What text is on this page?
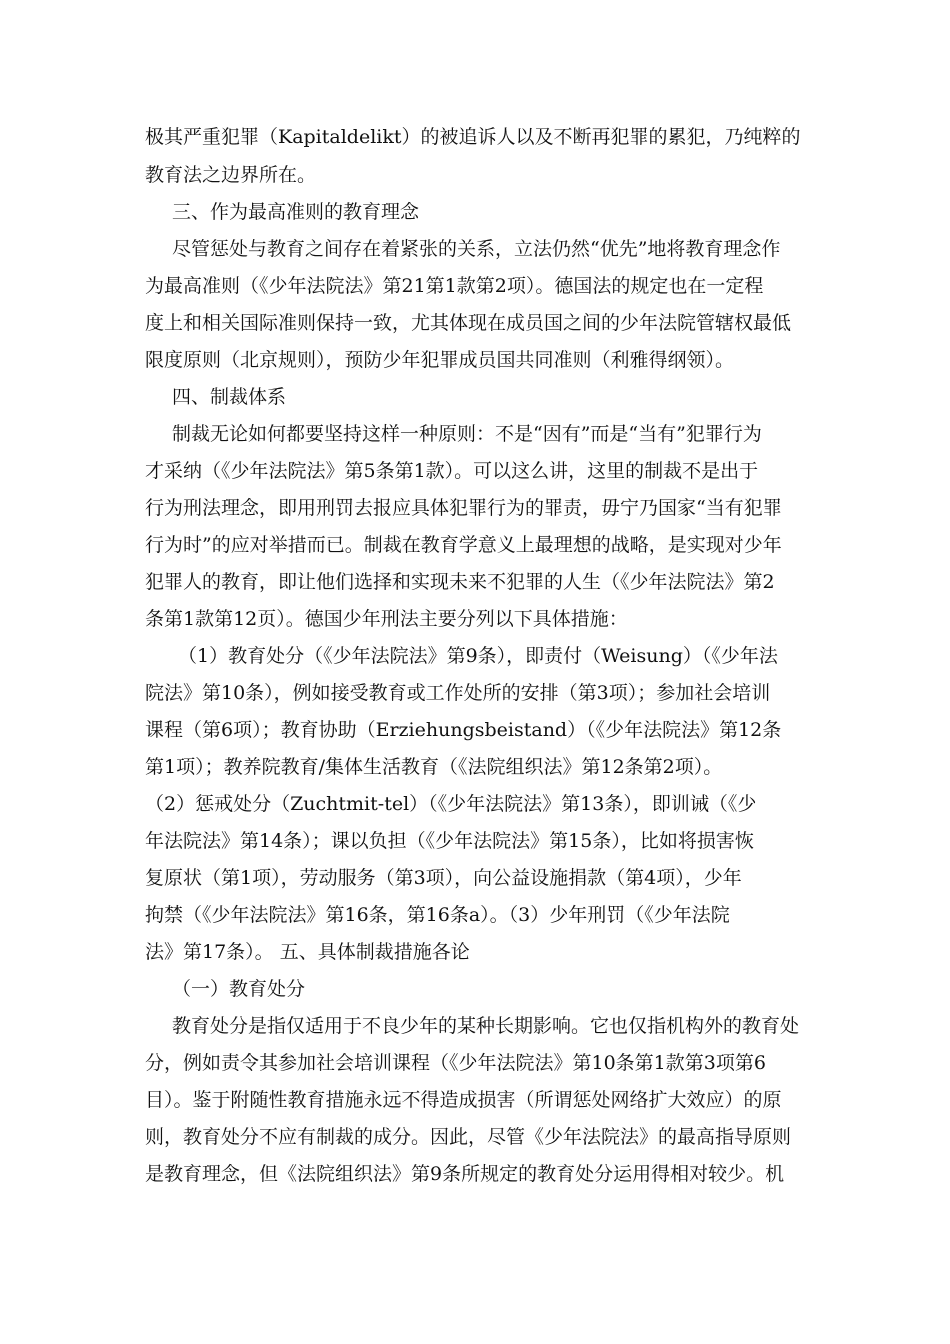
极其严重犯罪（Kapitaldelikt）的被追诉人以及不断再犯罪的累犯，乃纯粹的
教育法之边界所在。
三、作为最高准则的教育理念
尽管惩处与教育之间存在着紧张的关系，立法仍然“优先”地将教育理念作
为最高准则（《少年法院法》第21第1款第2项）。德国法的规定也在一定程
度上和相关国际准则保持一致，尤其体现在成员国之间的少年法院管辖权最低
限度原则（北京规则），预防少年犯罪成员国共同准则（利雅得纲领）。
四、制裁体系
制裁无论如何都要坚持这样一种原则：不是“因有”而是“当有”犯罪行为
才采纳（《少年法院法》第5条第1款）。可以这么讲，这里的制裁不是出于
行为刑法理念，即用刑罚去报应具体犯罪行为的罪责，毋宁乃国家“当有犯罪
行为时”的应对举措而已。制裁在教育学意义上最理想的战略，是实现对少年
犯罪人的教育，即让他们选择和实现未来不犯罪的人生（《少年法院法》第2
条第1款第12页）。德国少年刑法主要分列以下具体措施：
（1）教育处分（《少年法院法》第9条），即责付（Weisung）（《少年法
院法》第10条），例如接受教育或工作处所的安排（第3项）；参加社会培训
课程（第6项）；教育协助（Erziehungsbeistand）（《少年法院法》第12条
第1项）；教养院教育/集体生活教育（《法院组织法》第12条第2项）。
（2）惩戒处分（Zuchtmit-tel）（《少年法院法》第13条），即训诫（《少
年法院法》第14条）；课以负担（《少年法院法》第15条），比如将损害恢
复原状（第1项），劳动服务（第3项），向公益设施捐款（第4项），少年
拘禁（《少年法院法》第16条，第16条a）。（3）少年刑罚（《少年法院
法》第17条）。 五、具体制裁措施各论
（一）教育处分
教育处分是指仅适用于不良少年的某种长期影响。它也仅指机构外的教育处
分，例如责令其参加社会培训课程（《少年法院法》第10条第1款第3项第6
目）。鉴于附随性教育措施永远不得造成损害（所谓惩处网络扩大效应）的原
则，教育处分不应有制裁的成分。因此，尽管《少年法院法》的最高指导原则
是教育理念，但《法院组织法》第9条所规定的教育处分运用得相对较少。机
